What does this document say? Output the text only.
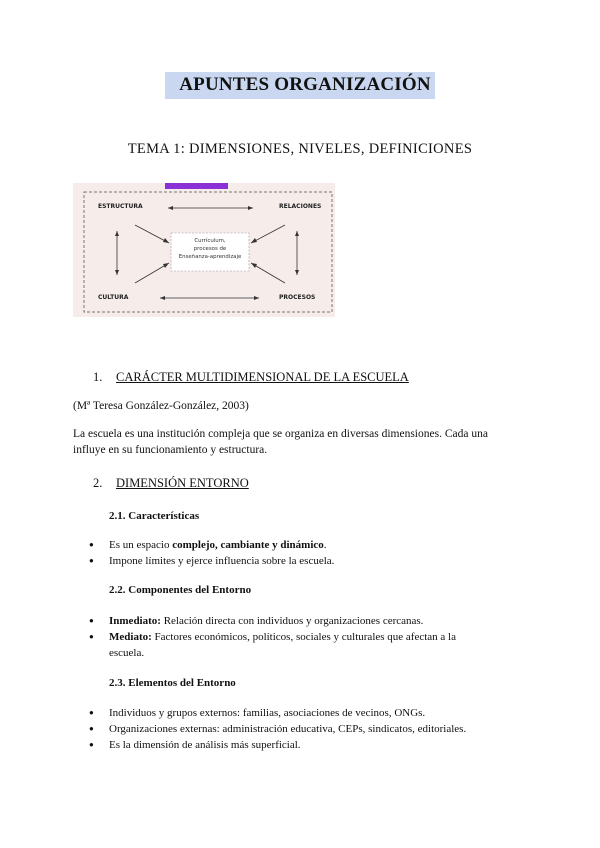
APUNTES ORGANIZACIÓN
TEMA 1: DIMENSIONES, NIVELES, DEFINICIONES
ESTRUCTURA	RELACIONES
CULTURA	PROCESOS
Currículum,
procesos de
Enseñanza-aprendizaje
1. CARÁCTER MULTIDIMENSIONAL DE LA ESCUELA
(Mª Teresa González-González, 2003)
La escuela es una institución compleja que se organiza en diversas dimensiones. Cada una
influye en su funcionamiento y estructura.
2. DIMENSIÓN ENTORNO
2.1. Características
● Es un espacio complejo, cambiante y dinámico.
● Impone límites y ejerce influencia sobre la escuela.
2.2. Componentes del Entorno
● Inmediato: Relación directa con individuos y organizaciones cercanas.
● Mediato: Factores económicos, políticos, sociales y culturales que afectan a la
escuela.
2.3. Elementos del Entorno
● Individuos y grupos externos: familias, asociaciones de vecinos, ONGs.
● Organizaciones externas: administración educativa, CEPs, sindicatos, editoriales.
● Es la dimensión de análisis más superficial.
